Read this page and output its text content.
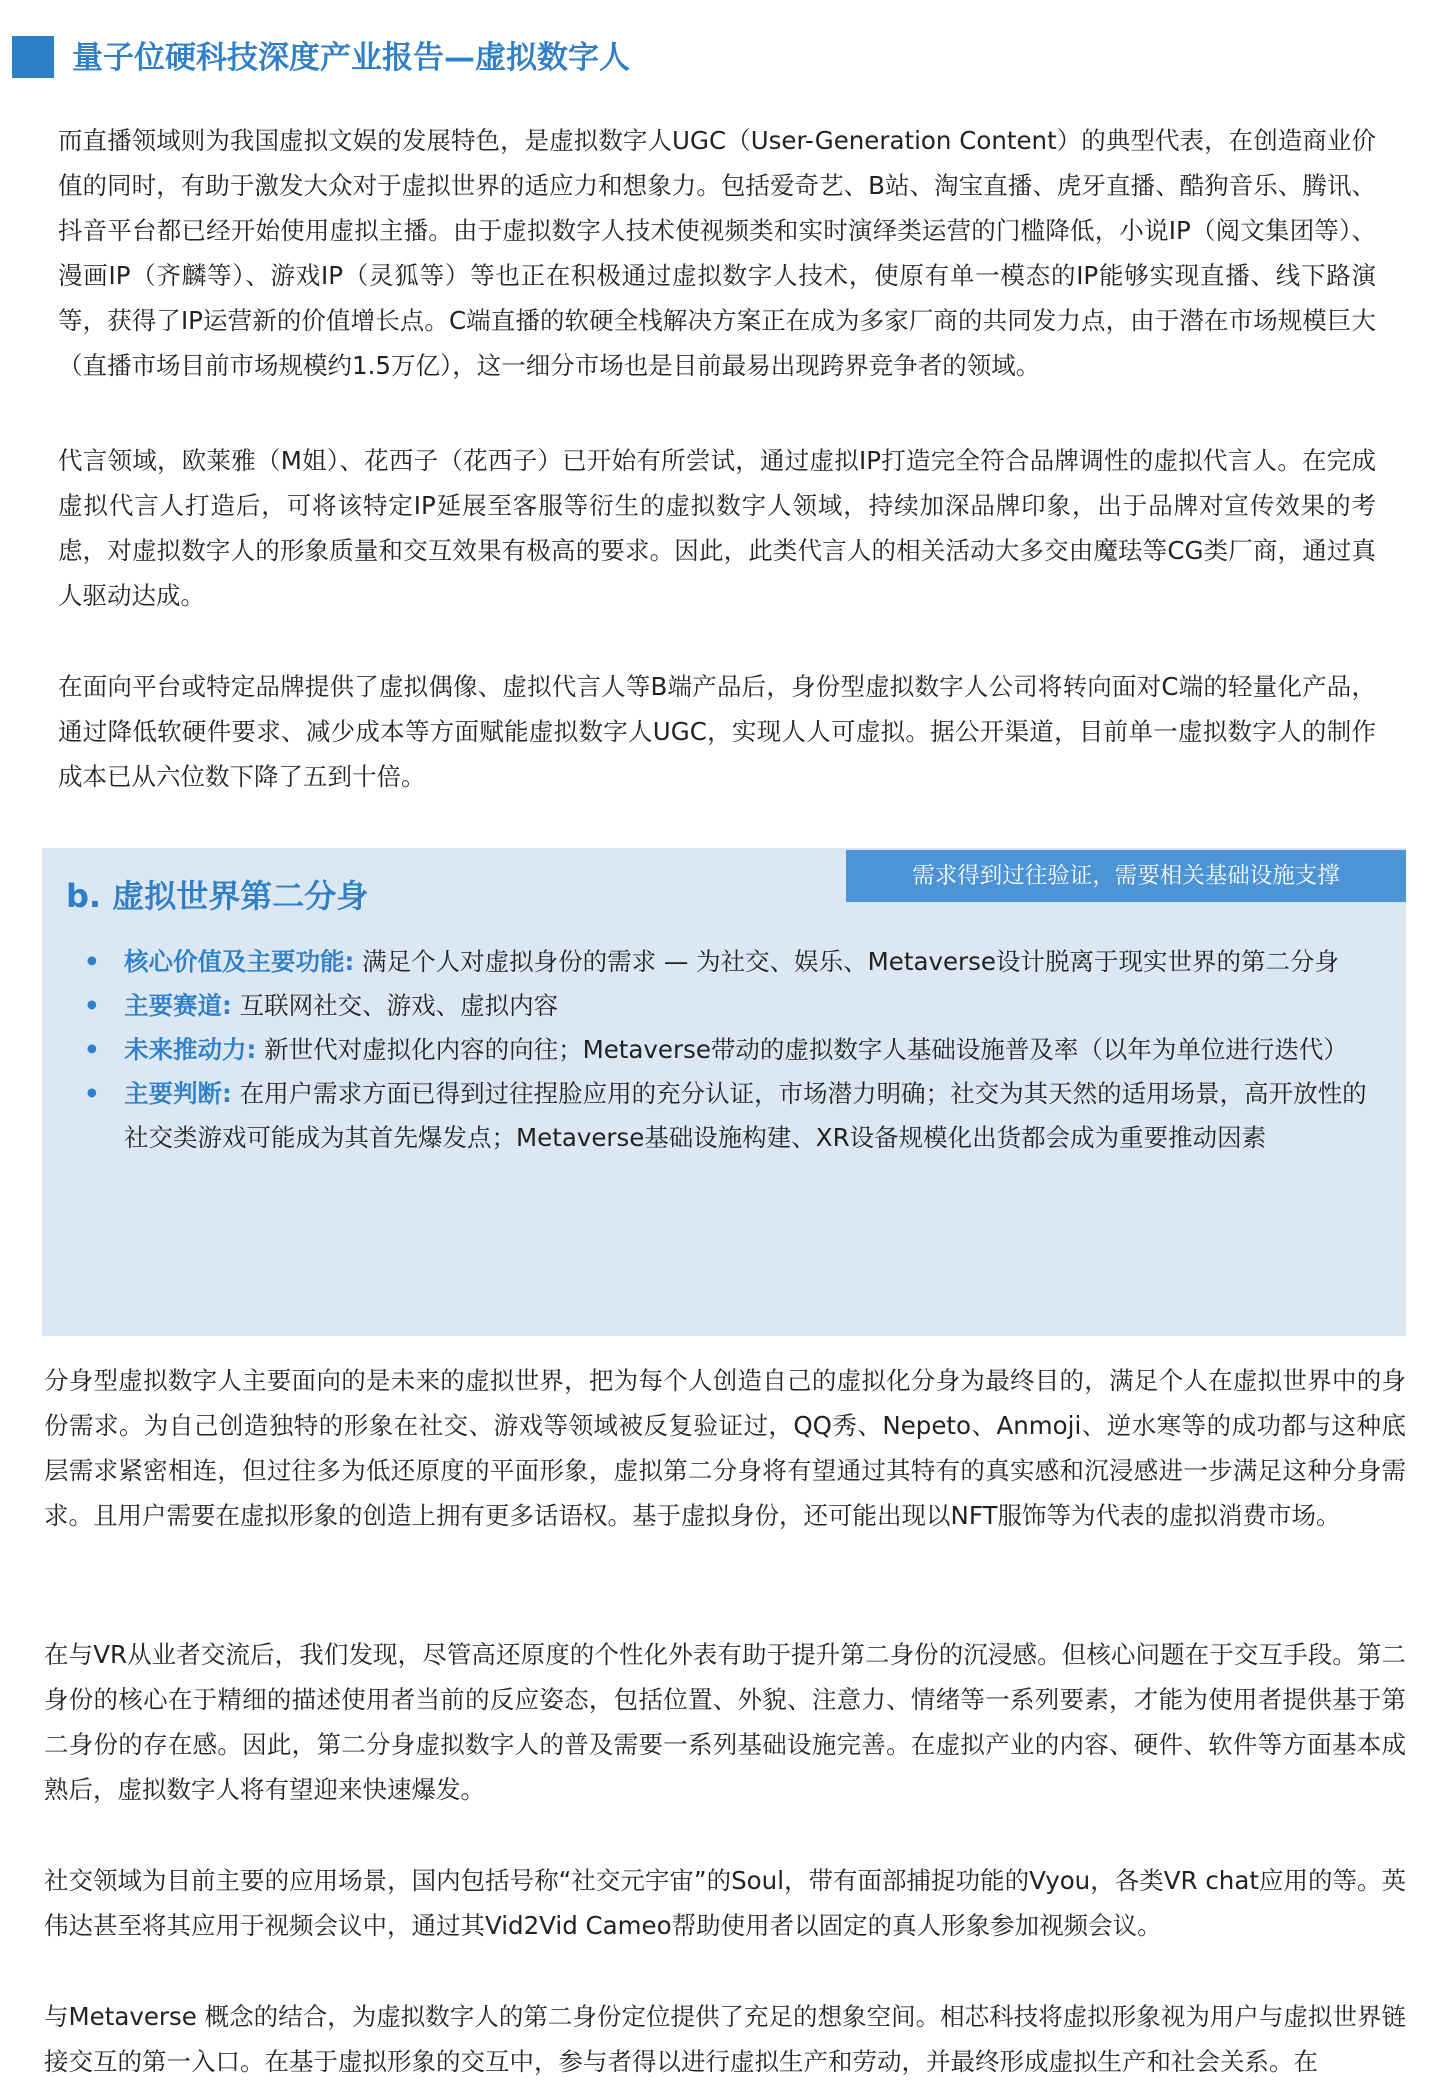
量子位硬科技深度产业报告—虚拟数字人

而直播领域则为我国虚拟文娱的发展特色，是虚拟数字人UGC（User-Generation Content）的典型代表，在创造商业价值的同时，有助于激发大众对于虚拟世界的适应力和想象力。包括爱奇艺、B站、淘宝直播、虎牙直播、酷狗音乐、腾讯、抖音平台都已经开始使用虚拟主播。由于虚拟数字人技术使视频类和实时演绎类运营的门槛降低，小说IP（阅文集团等）、漫画IP（齐麟等）、游戏IP（灵狐等）等也正在积极通过虚拟数字人技术，使原有单一模态的IP能够实现直播、线下路演等，获得了IP运营新的价值增长点。C端直播的软硬全栈解决方案正在成为多家厂商的共同发力点，由于潜在市场规模巨大（直播市场目前市场规模约1.5万亿），这一细分市场也是目前最易出现跨界竞争者的领域。

代言领域，欧莱雅（M姐）、花西子（花西子）已开始有所尝试，通过虚拟IP打造完全符合品牌调性的虚拟代言人。在完成虚拟代言人打造后，可将该特定IP延展至客服等衍生的虚拟数字人领域，持续加深品牌印象，出于品牌对宣传效果的考虑，对虚拟数字人的形象质量和交互效果有极高的要求。因此，此类代言人的相关活动大多交由魔珐等CG类厂商，通过真人驱动达成。

在面向平台或特定品牌提供了虚拟偶像、虚拟代言人等B端产品后，身份型虚拟数字人公司将转向面对C端的轻量化产品，通过降低软硬件要求、减少成本等方面赋能虚拟数字人UGC，实现人人可虚拟。据公开渠道，目前单一虚拟数字人的制作成本已从六位数下降了五到十倍。

需求得到过往验证，需要相关基础设施支撑
b. 虚拟世界第二分身
• 核心价值及主要功能: 满足个人对虚拟身份的需求 — 为社交、娱乐、Metaverse设计脱离于现实世界的第二分身
• 主要赛道: 互联网社交、游戏、虚拟内容
• 未来推动力: 新世代对虚拟化内容的向往；Metaverse带动的虚拟数字人基础设施普及率（以年为单位进行迭代）
• 主要判断: 在用户需求方面已得到过往捏脸应用的充分认证，市场潜力明确；社交为其天然的适用场景，高开放性的社交类游戏可能成为其首先爆发点；Metaverse基础设施构建、XR设备规模化出货都会成为重要推动因素

分身型虚拟数字人主要面向的是未来的虚拟世界，把为每个人创造自己的虚拟化分身为最终目的，满足个人在虚拟世界中的身份需求。为自己创造独特的形象在社交、游戏等领域被反复验证过，QQ秀、Nepeto、Anmoji、逆水寒等的成功都与这种底层需求紧密相连，但过往多为低还原度的平面形象，虚拟第二分身将有望通过其特有的真实感和沉浸感进一步满足这种分身需求。且用户需要在虚拟形象的创造上拥有更多话语权。基于虚拟身份，还可能出现以NFT服饰等为代表的虚拟消费市场。

在与VR从业者交流后，我们发现，尽管高还原度的个性化外表有助于提升第二身份的沉浸感。但核心问题在于交互手段。第二身份的核心在于精细的描述使用者当前的反应姿态，包括位置、外貌、注意力、情绪等一系列要素，才能为使用者提供基于第二身份的存在感。因此，第二分身虚拟数字人的普及需要一系列基础设施完善。在虚拟产业的内容、硬件、软件等方面基本成熟后，虚拟数字人将有望迎来快速爆发。

社交领域为目前主要的应用场景，国内包括号称“社交元宇宙”的Soul，带有面部捕捉功能的Vyou，各类VR chat应用的等。英伟达甚至将其应用于视频会议中，通过其Vid2Vid Cameo帮助使用者以固定的真人形象参加视频会议。

与Metaverse 概念的结合，为虚拟数字人的第二身份定位提供了充足的想象空间。相芯科技将虚拟形象视为用户与虚拟世界链接交互的第一入口。在基于虚拟形象的交互中，参与者得以进行虚拟生产和劳动，并最终形成虚拟生产和社会关系。在
